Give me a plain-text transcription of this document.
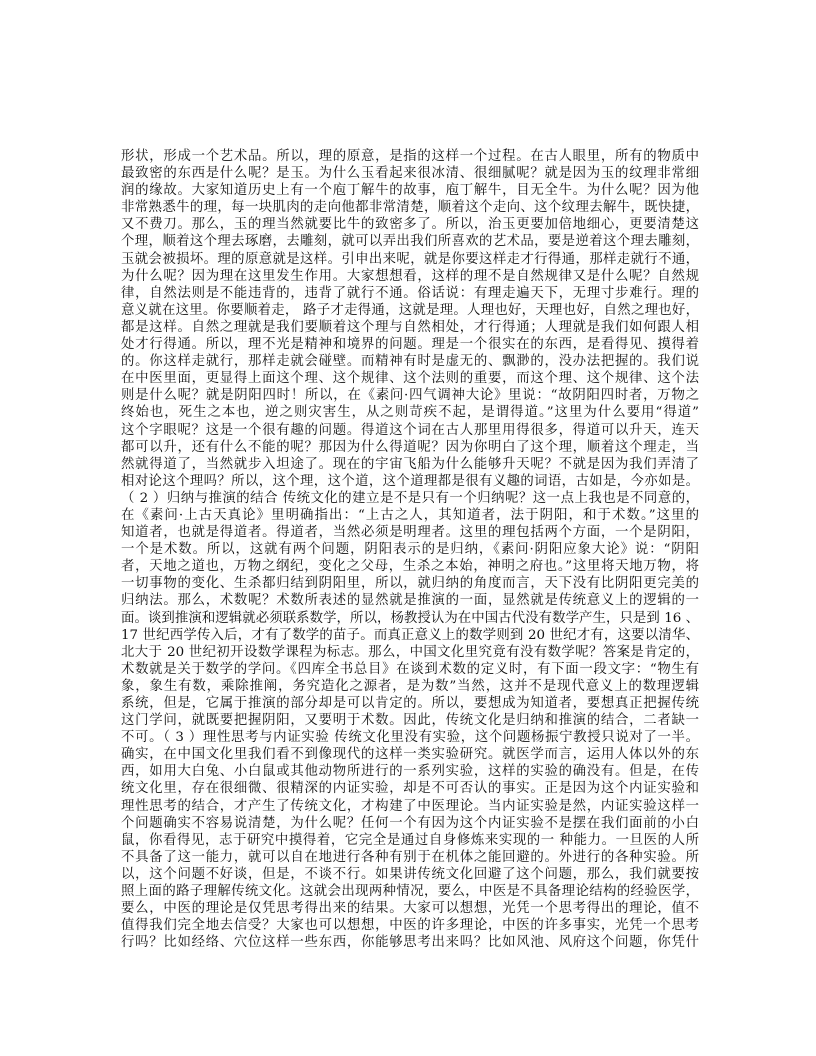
形状，形成一个艺术品。所以，理的原意，是指的这样一个过程。在古人眼里，所有的物质中
最致密的东西是什么呢？是玉。为什么玉看起来很冰清、很细腻呢？就是因为玉的纹理非常细
润的缘故。大家知道历史上有一个庖丁解牛的故事，庖丁解牛，目无全牛。为什么呢？因为他
非常熟悉牛的理，每一块肌肉的走向他都非常清楚，顺着这个走向、这个纹理去解牛，既快捷，
又不费刀。那么，玉的理当然就要比牛的致密多了。所以，治玉更要加倍地细心，更要清楚这
个理，顺着这个理去琢磨，去雕刻，就可以弄出我们所喜欢的艺术品，要是逆着这个理去雕刻，
玉就会被损坏。理的原意就是这样。引申出来呢，就是你要这样走才行得通，那样走就行不通，
为什么呢？因为理在这里发生作用。大家想想看，这样的理不是自然规律又是什么呢？自然规
律，自然法则是不能违背的，违背了就行不通。俗话说：有理走遍天下，无理寸步难行。理的
意义就在这里。你要顺着走， 路子才走得通，这就是理。人理也好，天理也好，自然之理也好，
都是这样。自然之理就是我们要顺着这个理与自然相处，才行得通；人理就是我们如何跟人相
处才行得通。所以，理不光是精神和境界的问题。理是一个很实在的东西，是看得见、摸得着
的。你这样走就行，那样走就会碰壁。而精神有时是虚无的、飘渺的，没办法把握的。我们说
在中医里面，更显得上面这个理、这个规律、这个法则的重要，而这个理、这个规律、这个法
则是什么呢？就是阴阳四时！所以，在《素问·四气调神大论》里说：“故阴阳四时者，万物之
终始也，死生之本也，逆之则灾害生，从之则苛疾不起，是谓得道。”这里为什么要用“得道”
这个字眼呢？这是一个很有趣的问题。得道这个词在古人那里用得很多，得道可以升天，连天
都可以升，还有什么不能的呢？那因为什么得道呢？因为你明白了这个理，顺着这个理走，当
然就得道了，当然就步入坦途了。现在的宇宙飞船为什么能够升天呢？不就是因为我们弄清了
相对论这个理吗？所以，这个理，这个道，这个道理都是很有义趣的词语，古如是，今亦如是。
（ 2 ）归纳与推演的结合 传统文化的建立是不是只有一个归纳呢？这一点上我也是不同意的，
在《素问·上古天真论》里明确指出：“上古之人，其知道者，法于阴阳，和于术数。”这里的
知道者，也就是得道者。得道者，当然必须是明理者。这里的理包括两个方面，一个是阴阳，
一个是术数。所以，这就有两个问题，阴阳表示的是归纳，《素问·阴阳应象大论》说：“阴阳
者，天地之道也，万物之纲纪，变化之父母，生杀之本始，神明之府也。”这里将天地万物，将
一切事物的变化、生杀都归结到阴阳里，所以，就归纳的角度而言，天下没有比阴阳更完美的
归纳法。那么，术数呢？术数所表述的显然就是推演的一面，显然就是传统意义上的逻辑的一
面。谈到推演和逻辑就必须联系数学，所以，杨教授认为在中国古代没有数学产生，只是到 16 、
17 世纪西学传入后，才有了数学的苗子。而真正意义上的数学则到 20 世纪才有，这要以清华、
北大于 20 世纪初开设数学课程为标志。那么，中国文化里究竟有没有数学呢？答案是肯定的，
术数就是关于数学的学问。《四库全书总目》在谈到术数的定义时，有下面一段文字：“物生有
象，象生有数，乘除推阐，务究造化之源者，是为数”当然，这并不是现代意义上的数理逻辑
系统，但是，它属于推演的部分却是可以肯定的。所以，要想成为知道者，要想真正把握传统
这门学问，就既要把握阴阳，又要明于术数。因此，传统文化是归纳和推演的结合，二者缺一
不可。（ 3 ）理性思考与内证实验 传统文化里没有实验，这个问题杨振宁教授只说对了一半。
确实，在中国文化里我们看不到像现代的这样一类实验研究。就医学而言，运用人体以外的东
西，如用大白兔、小白鼠或其他动物所进行的一系列实验，这样的实验的确没有。但是，在传
统文化里，存在很细微、很精深的内证实验，却是不可否认的事实。正是因为这个内证实验和
理性思考的结合，才产生了传统文化，才构建了中医理论。当内证实验是然，内证实验这样一
个问题确实不容易说清楚，为什么呢？任何一个有因为这个内证实验不是摆在我们面前的小白
鼠，你看得见，志于研究中摸得着，它完全是通过自身修炼来实现的一 种能力。一旦医的人所
不具备了这一能力，就可以自在地进行各种有别于在机体之能回避的。外进行的各种实验。所
以，这个问题不好谈，但是，不谈不行。如果讲传统文化回避了这个问题，那么，我们就要按
照上面的路子理解传统文化。这就会出现两种情况，要么，中医是不具备理论结构的经验医学，
要么，中医的理论是仅凭思考得出来的结果。大家可以想想，光凭一个思考得出的理论，值不
值得我们完全地去信受？大家也可以想想，中医的许多理论，中医的许多事实，光凭一个思考
行吗？比如经络、穴位这样一些东西，你能够思考出来吗？比如风池、风府这个问题，你凭什
